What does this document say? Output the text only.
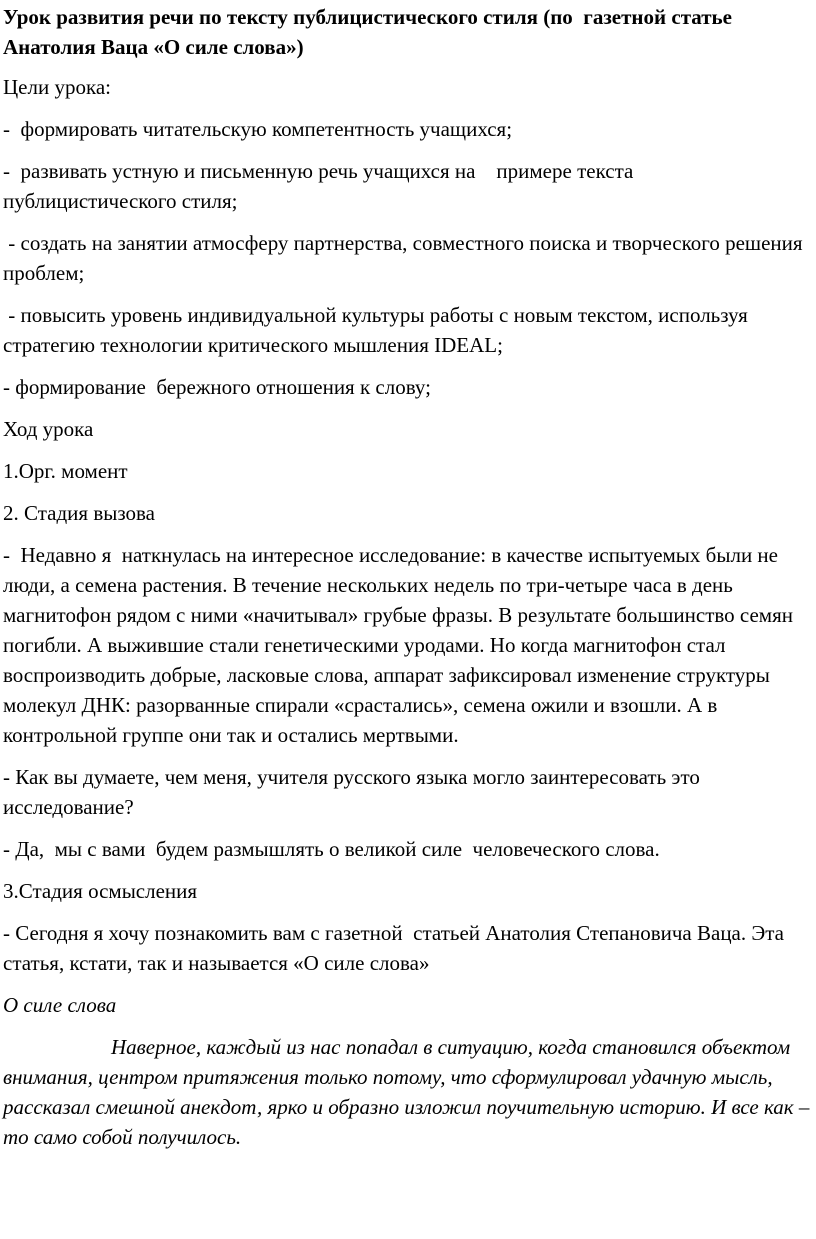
Урок развития речи по тексту публицистического стиля (по  газетной статье  Анатолия Ваца «О силе слова»)

Цели урока:

-  формировать читательскую компетентность учащихся;

-  развивать устную и письменную речь учащихся на    примере текста публицистического стиля;

- создать на занятии атмосферу партнерства, совместного поиска и творческого решения проблем;

- повысить уровень индивидуальной культуры работы с новым текстом, используя стратегию технологии критического мышления IDEAL;

- формирование  бережного отношения к слову;

Ход урока

1.Орг. момент

2. Стадия вызова

-  Недавно я  наткнулась на интересное исследование: в качестве испытуемых были не люди, а семена растения. В течение нескольких недель по три-четыре часа в день магнитофон рядом с ними «начитывал» грубые фразы. В результате большинство семян погибли. А выжившие стали генетическими уродами. Но когда магнитофон стал воспроизводить добрые, ласковые слова, аппарат зафиксировал изменение структуры молекул ДНК: разорванные спирали «срастались», семена ожили и взошли. А в контрольной группе они так и остались мертвыми.

- Как вы думаете, чем меня, учителя русского языка могло заинтересовать это исследование?

- Да,  мы с вами  будем размышлять о великой силе  человеческого слова.

3.Стадия осмысления

- Сегодня я хочу познакомить вам с газетной  статьей Анатолия Степановича Ваца. Эта статья, кстати, так и называется «О силе слова»

О силе слова

Наверное, каждый из нас попадал в ситуацию, когда становился объектом внимания, центром притяжения только потому, что сформулировал удачную мысль, рассказал смешной анекдот, ярко и образно изложил поучительную историю. И все как – то само собой получилось.
